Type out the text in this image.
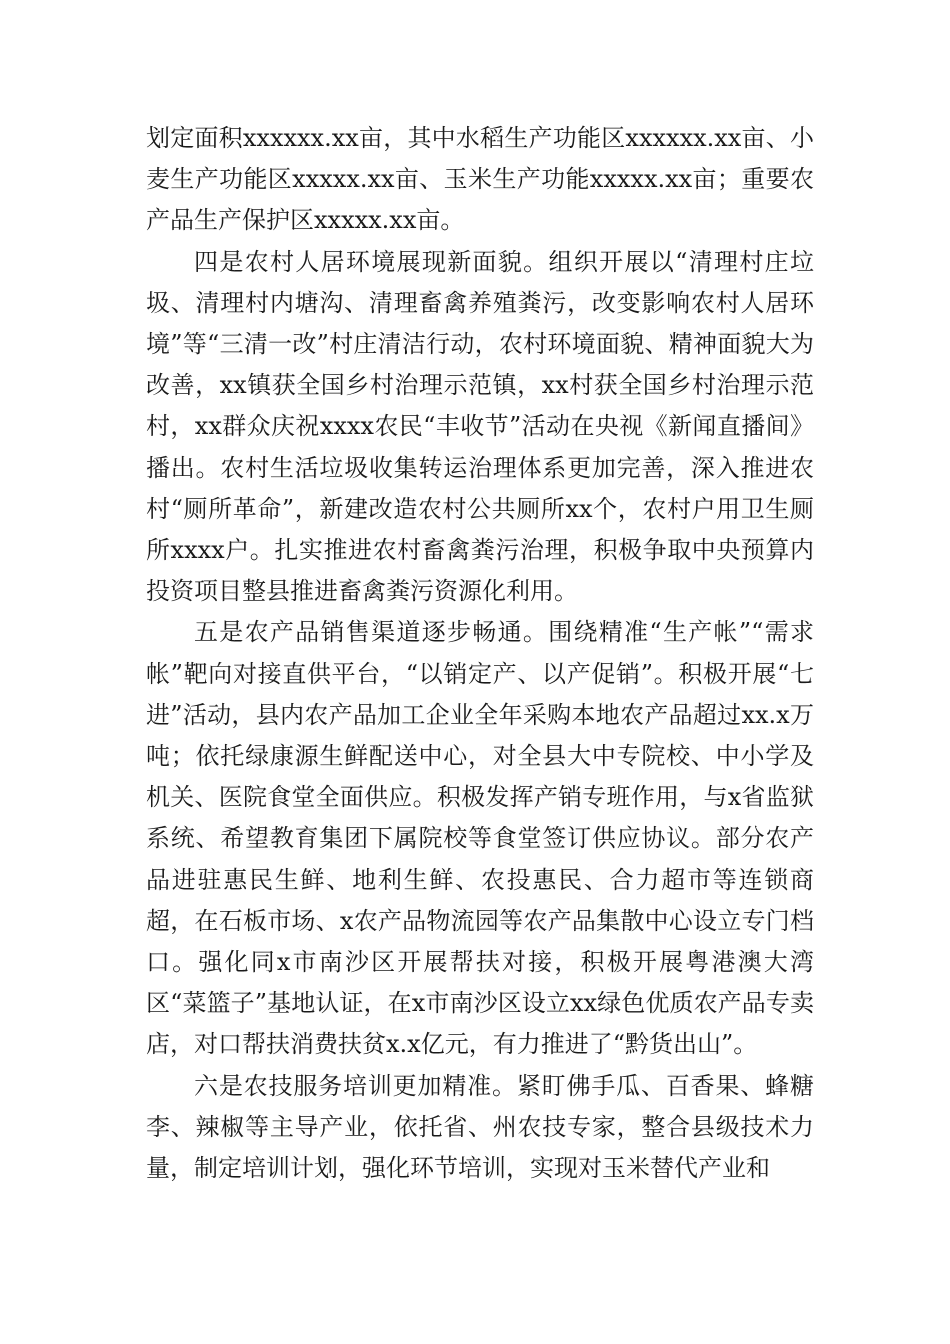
划定面积xxxxxx.xx亩，其中水稻生产功能区xxxxxx.xx亩、小麦生产功能区xxxxx.xx亩、玉米生产功能xxxxx.xx亩；重要农产品生产保护区xxxxx.xx亩。

四是农村人居环境展现新面貌。组织开展以“清理村庄垃圾、清理村内塘沟、清理畜禽养殖粪污，改变影响农村人居环境”等“三清一改”村庄清洁行动，农村环境面貌、精神面貌大为改善，xx镇获全国乡村治理示范镇，xx村获全国乡村治理示范村，xx群众庆祝xxxx农民“丰收节”活动在央视《新闻直播间》播出。农村生活垃圾收集转运治理体系更加完善，深入推进农村“厕所革命”，新建改造农村公共厕所xx个，农村户用卫生厕所xxxx户。扎实推进农村畜禽粪污治理，积极争取中央预算内投资项目整县推进畜禽粪污资源化利用。

五是农产品销售渠道逐步畅通。围绕精准“生产帐”“需求帐”靶向对接直供平台，“以销定产、以产促销”。积极开展“七进”活动，县内农产品加工企业全年采购本地农产品超过xx.x万吨；依托绿康源生鲜配送中心，对全县大中专院校、中小学及机关、医院食堂全面供应。积极发挥产销专班作用，与x省监狱系统、希望教育集团下属院校等食堂签订供应协议。部分农产品进驻惠民生鲜、地利生鲜、农投惠民、合力超市等连锁商超，在石板市场、x农产品物流园等农产品集散中心设立专门档口。强化同x市南沙区开展帮扶对接，积极开展粤港澳大湾区“菜篮子”基地认证，在x市南沙区设立xx绿色优质农产品专卖店，对口帮扶消费扶贫x.x亿元，有力推进了“黔货出山”。

六是农技服务培训更加精准。紧盯佛手瓜、百香果、蜂糖李、辣椒等主导产业，依托省、州农技专家，整合县级技术力量，制定培训计划，强化环节培训，实现对玉米替代产业和
